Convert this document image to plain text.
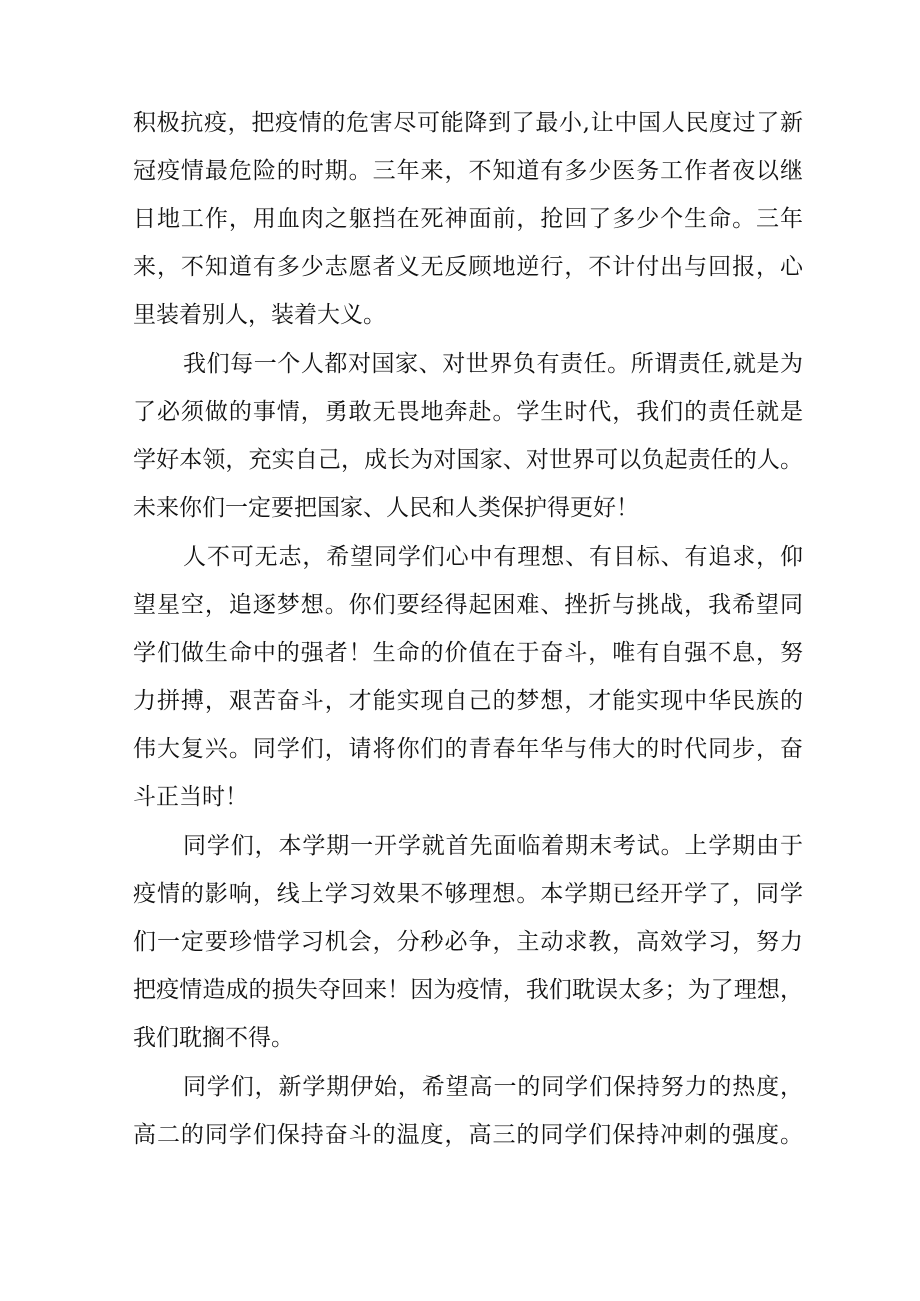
积极抗疫，把疫情的危害尽可能降到了最小,让中国人民度过了新
冠疫情最危险的时期。三年来，不知道有多少医务工作者夜以继
日地工作，用血肉之躯挡在死神面前，抢回了多少个生命。三年
来，不知道有多少志愿者义无反顾地逆行，不计付出与回报，心
里装着别人，装着大义。
我们每一个人都对国家、对世界负有责任。所谓责任,就是为
了必须做的事情，勇敢无畏地奔赴。学生时代，我们的责任就是
学好本领，充实自己，成长为对国家、对世界可以负起责任的人。
未来你们一定要把国家、人民和人类保护得更好！
人不可无志，希望同学们心中有理想、有目标、有追求，仰
望星空，追逐梦想。你们要经得起困难、挫折与挑战，我希望同
学们做生命中的强者！生命的价值在于奋斗，唯有自强不息，努
力拼搏，艰苦奋斗，才能实现自己的梦想，才能实现中华民族的
伟大复兴。同学们，请将你们的青春年华与伟大的时代同步，奋
斗正当时！
同学们，本学期一开学就首先面临着期末考试。上学期由于
疫情的影响，线上学习效果不够理想。本学期已经开学了，同学
们一定要珍惜学习机会，分秒必争，主动求教，高效学习，努力
把疫情造成的损失夺回来！因为疫情，我们耽误太多；为了理想，
我们耽搁不得。
同学们，新学期伊始，希望高一的同学们保持努力的热度，
高二的同学们保持奋斗的温度，高三的同学们保持冲刺的强度。
